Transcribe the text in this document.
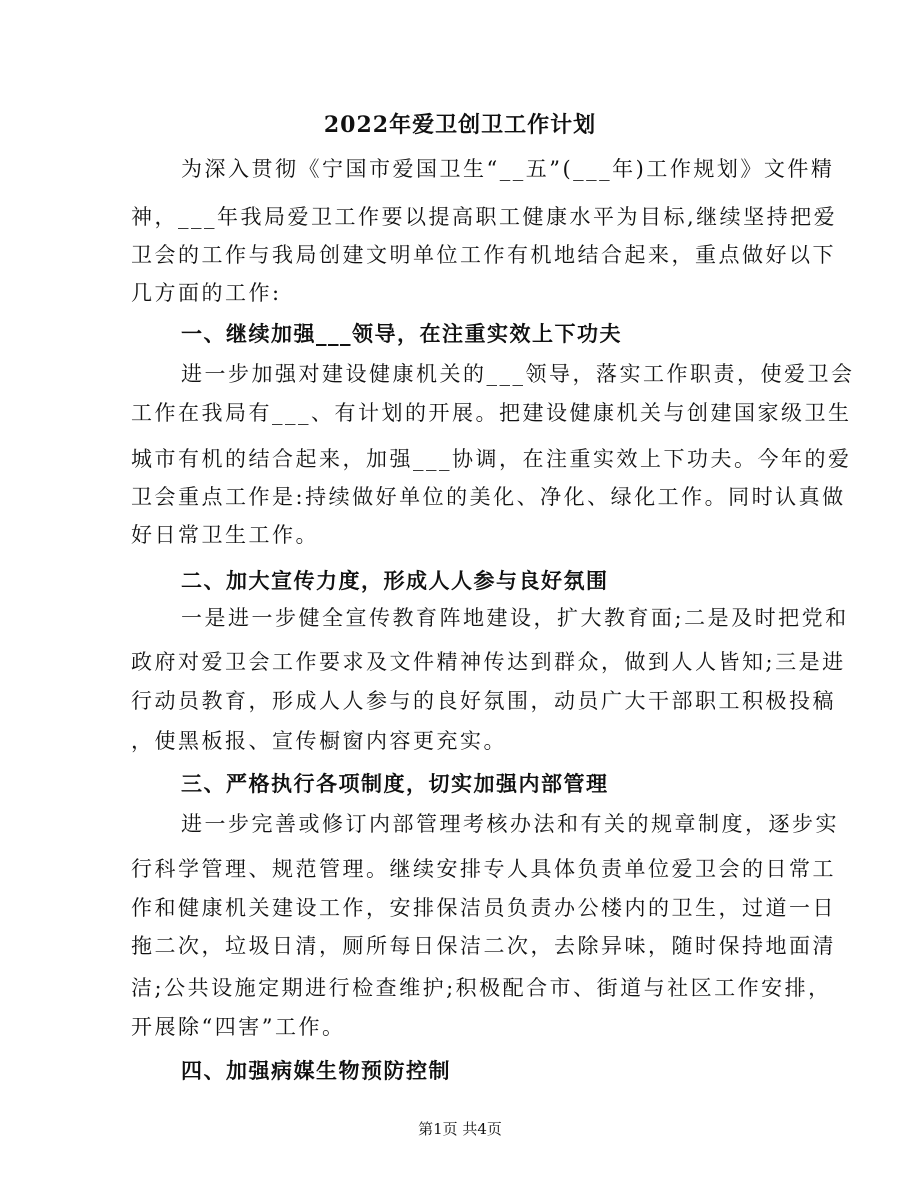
2022年爱卫创卫工作计划
为深入贯彻《宁国市爱国卫生“__五”(___年)工作规划》文件精
神，___年我局爱卫工作要以提高职工健康水平为目标,继续坚持把爱
卫会的工作与我局创建文明单位工作有机地结合起来，重点做好以下
几方面的工作:
一、继续加强___领导，在注重实效上下功夫
进一步加强对建设健康机关的___领导，落实工作职责，使爱卫会
工作在我局有___、有计划的开展。把建设健康机关与创建国家级卫生
城市有机的结合起来，加强___协调，在注重实效上下功夫。今年的爱
卫会重点工作是:持续做好单位的美化、净化、绿化工作。同时认真做
好日常卫生工作。
二、加大宣传力度，形成人人参与良好氛围
一是进一步健全宣传教育阵地建设，扩大教育面;二是及时把党和
政府对爱卫会工作要求及文件精神传达到群众，做到人人皆知;三是进
行动员教育，形成人人参与的良好氛围，动员广大干部职工积极投稿
，使黑板报、宣传橱窗内容更充实。
三、严格执行各项制度，切实加强内部管理
进一步完善或修订内部管理考核办法和有关的规章制度，逐步实
行科学管理、规范管理。继续安排专人具体负责单位爱卫会的日常工
作和健康机关建设工作，安排保洁员负责办公楼内的卫生，过道一日
拖二次，垃圾日清，厕所每日保洁二次，去除异味，随时保持地面清
洁;公共设施定期进行检查维护;积极配合市、街道与社区工作安排，
开展除“四害”工作。
四、加强病媒生物预防控制
第1页 共4页
